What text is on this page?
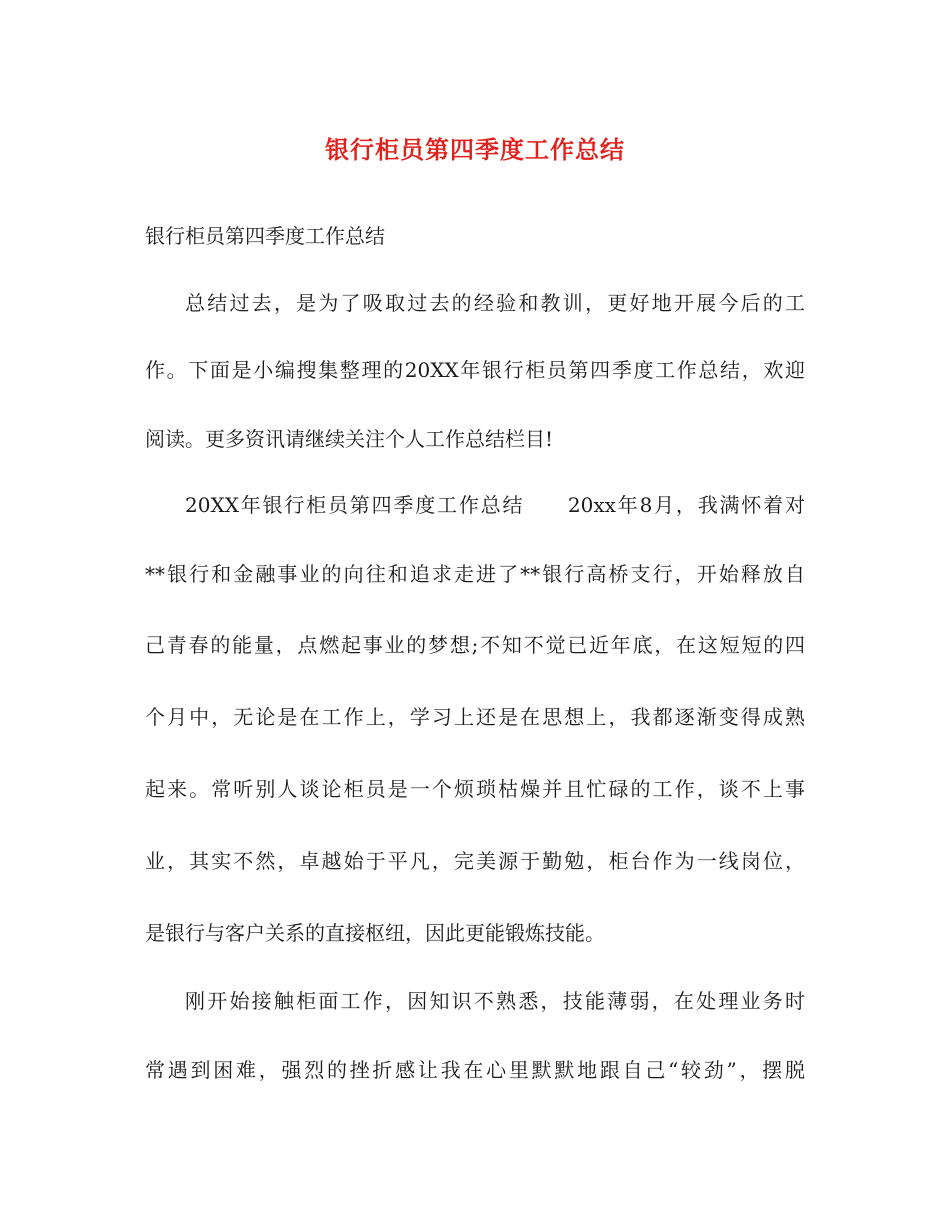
银行柜员第四季度工作总结
银行柜员第四季度工作总结
总结过去，是为了吸取过去的经验和教训，更好地开展今后的工
作。下面是小编搜集整理的20XX年银行柜员第四季度工作总结，欢迎
阅读。更多资讯请继续关注个人工作总结栏目!
20XX年银行柜员第四季度工作总结　　20xx年8月，我满怀着对
**银行和金融事业的向往和追求走进了**银行高桥支行，开始释放自
己青春的能量，点燃起事业的梦想;不知不觉已近年底，在这短短的四
个月中，无论是在工作上，学习上还是在思想上，我都逐渐变得成熟
起来。常听别人谈论柜员是一个烦琐枯燥并且忙碌的工作，谈不上事
业，其实不然，卓越始于平凡，完美源于勤勉，柜台作为一线岗位，
是银行与客户关系的直接枢纽，因此更能锻炼技能。
刚开始接触柜面工作，因知识不熟悉，技能薄弱，在处理业务时
常遇到困难，强烈的挫折感让我在心里默默地跟自己“较劲”，摆脱
